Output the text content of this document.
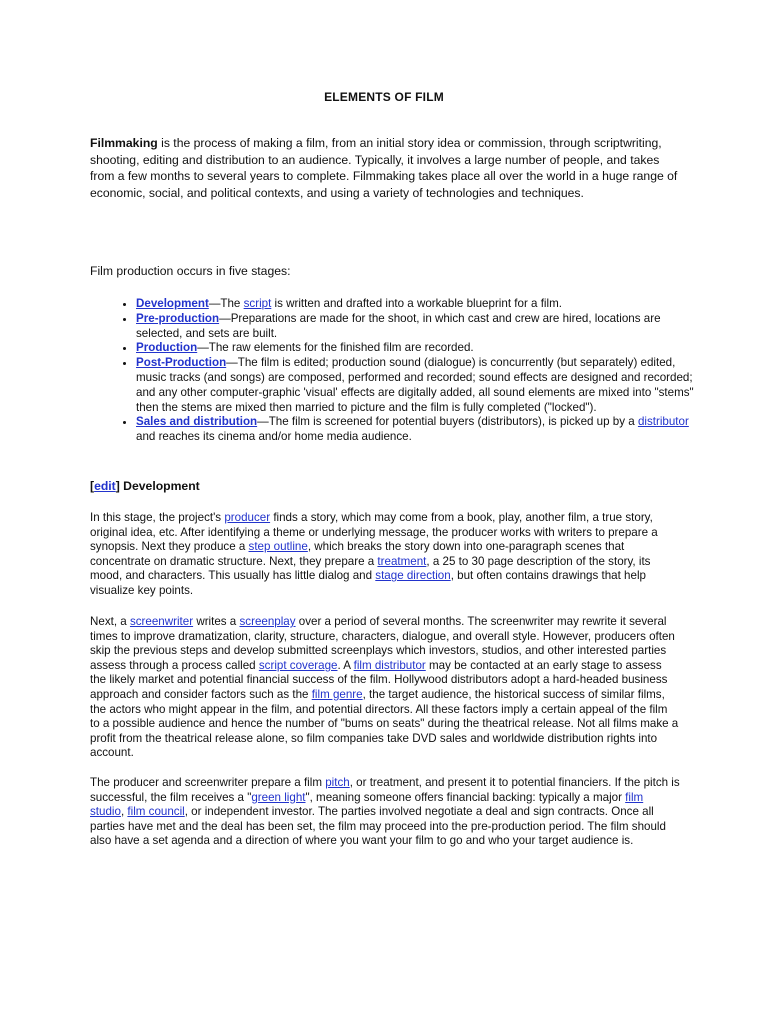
ELEMENTS OF FILM
Filmmaking is the process of making a film, from an initial story idea or commission, through scriptwriting, shooting, editing and distribution to an audience. Typically, it involves a large number of people, and takes from a few months to several years to complete. Filmmaking takes place all over the world in a huge range of economic, social, and political contexts, and using a variety of technologies and techniques.
Film production occurs in five stages:
• Development—The script is written and drafted into a workable blueprint for a film.
• Pre-production—Preparations are made for the shoot, in which cast and crew are hired, locations are selected, and sets are built.
• Production—The raw elements for the finished film are recorded.
• Post-Production—The film is edited; production sound (dialogue) is concurrently (but separately) edited, music tracks (and songs) are composed, performed and recorded; sound effects are designed and recorded; and any other computer-graphic 'visual' effects are digitally added, all sound elements are mixed into "stems" then the stems are mixed then married to picture and the film is fully completed ("locked").
• Sales and distribution—The film is screened for potential buyers (distributors), is picked up by a distributor and reaches its cinema and/or home media audience.
[edit] Development
In this stage, the project's producer finds a story, which may come from a book, play, another film, a true story, original idea, etc. After identifying a theme or underlying message, the producer works with writers to prepare a synopsis. Next they produce a step outline, which breaks the story down into one-paragraph scenes that concentrate on dramatic structure. Next, they prepare a treatment, a 25 to 30 page description of the story, its mood, and characters. This usually has little dialog and stage direction, but often contains drawings that help visualize key points.
Next, a screenwriter writes a screenplay over a period of several months. The screenwriter may rewrite it several times to improve dramatization, clarity, structure, characters, dialogue, and overall style. However, producers often skip the previous steps and develop submitted screenplays which investors, studios, and other interested parties assess through a process called script coverage. A film distributor may be contacted at an early stage to assess the likely market and potential financial success of the film. Hollywood distributors adopt a hard-headed business approach and consider factors such as the film genre, the target audience, the historical success of similar films, the actors who might appear in the film, and potential directors. All these factors imply a certain appeal of the film to a possible audience and hence the number of "bums on seats" during the theatrical release. Not all films make a profit from the theatrical release alone, so film companies take DVD sales and worldwide distribution rights into account.
The producer and screenwriter prepare a film pitch, or treatment, and present it to potential financiers. If the pitch is successful, the film receives a "green light", meaning someone offers financial backing: typically a major film studio, film council, or independent investor. The parties involved negotiate a deal and sign contracts. Once all parties have met and the deal has been set, the film may proceed into the pre-production period. The film should also have a set agenda and a direction of where you want your film to go and who your target audience is.
